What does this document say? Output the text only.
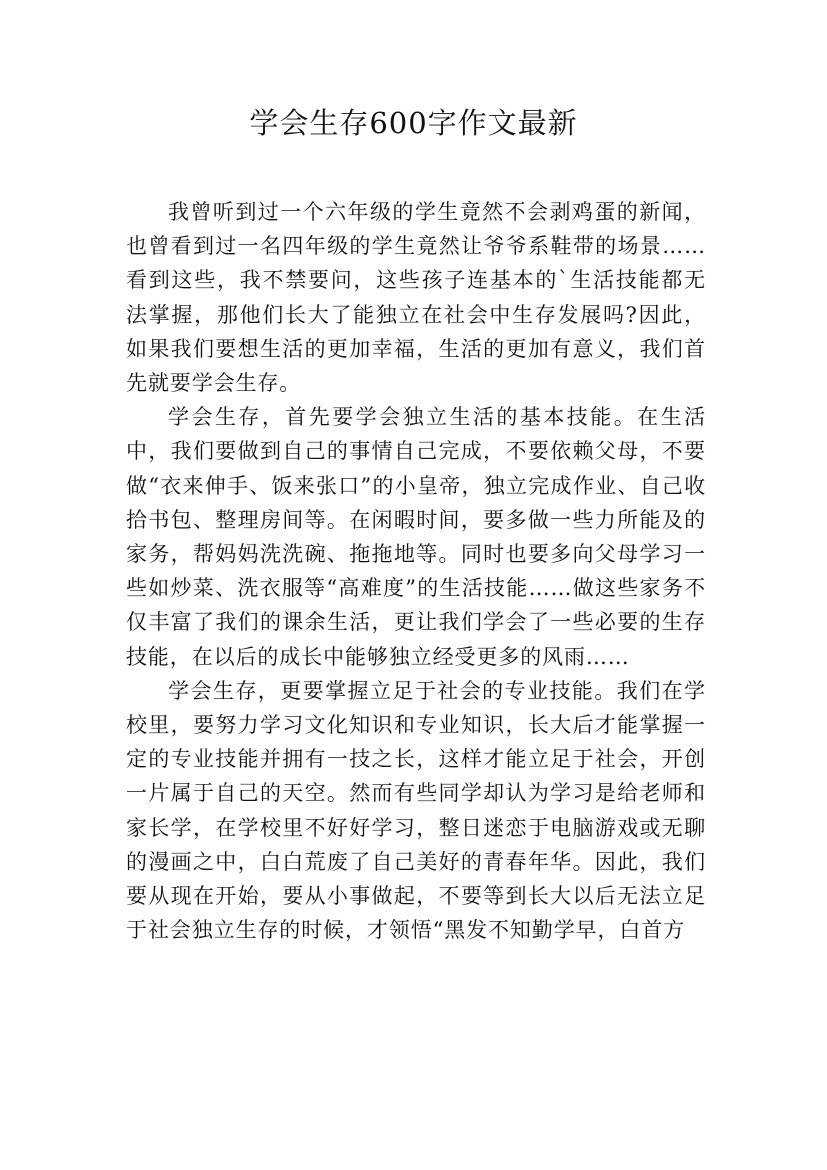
学会生存600字作文最新

我曾听到过一个六年级的学生竟然不会剥鸡蛋的新闻，也曾看到过一名四年级的学生竟然让爷爷系鞋带的场景……看到这些，我不禁要问，这些孩子连基本的`生活技能都无法掌握，那他们长大了能独立在社会中生存发展吗?因此，如果我们要想生活的更加幸福，生活的更加有意义，我们首先就要学会生存。

学会生存，首先要学会独立生活的基本技能。在生活中，我们要做到自己的事情自己完成，不要依赖父母，不要做“衣来伸手、饭来张口”的小皇帝，独立完成作业、自己收拾书包、整理房间等。在闲暇时间，要多做一些力所能及的家务，帮妈妈洗洗碗、拖拖地等。同时也要多向父母学习一些如炒菜、洗衣服等“高难度”的生活技能……做这些家务不仅丰富了我们的课余生活，更让我们学会了一些必要的生存技能，在以后的成长中能够独立经受更多的风雨……

学会生存，更要掌握立足于社会的专业技能。我们在学校里，要努力学习文化知识和专业知识，长大后才能掌握一定的专业技能并拥有一技之长，这样才能立足于社会，开创一片属于自己的天空。然而有些同学却认为学习是给老师和家长学，在学校里不好好学习，整日迷恋于电脑游戏或无聊的漫画之中，白白荒废了自己美好的青春年华。因此，我们要从现在开始，要从小事做起，不要等到长大以后无法立足于社会独立生存的时候，才领悟“黑发不知勤学早，白首方
